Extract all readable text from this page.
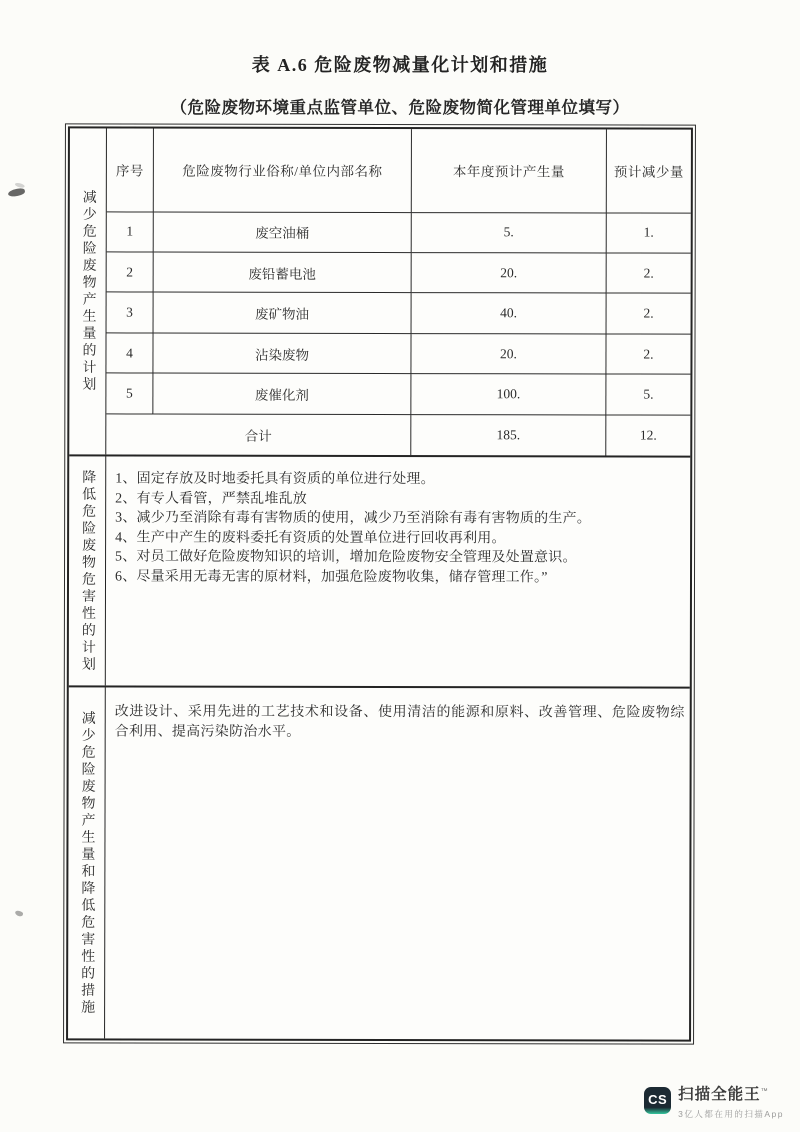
表 A.6 危险废物减量化计划和措施
（危险废物环境重点监管单位、危险废物简化管理单位填写）
减少危险废物产生量的计划
序号	危险废物行业俗称/单位内部名称	本年度预计产生量	预计减少量
1	废空油桶	5.	1.
2	废铅蓄电池	20.	2.
3	废矿物油	40.	2.
4	沾染废物	20.	2.
5	废催化剂	100.	5.
合计		185.	12.
降低危险废物危害性的计划 1、固定存放及时地委托具有资质的单位进行处理。
2、有专人看管，严禁乱堆乱放
3、减少乃至消除有毒有害物质的使用，减少乃至消除有毒有害物质的生产。
4、生产中产生的废料委托有资质的处置单位进行回收再利用。
5、对员工做好危险废物知识的培训，增加危险废物安全管理及处置意识。
6、尽量采用无毒无害的原材料，加强危险废物收集，储存管理工作。”
减少危险废物产生量和降低危害性的措施	改进设计、采用先进的工艺技术和设备、使用清洁的能源和原料、改善管理、危险废物综合利用、提高污染防治水平。
CS 扫描全能王™
3亿人都在用的扫描App
